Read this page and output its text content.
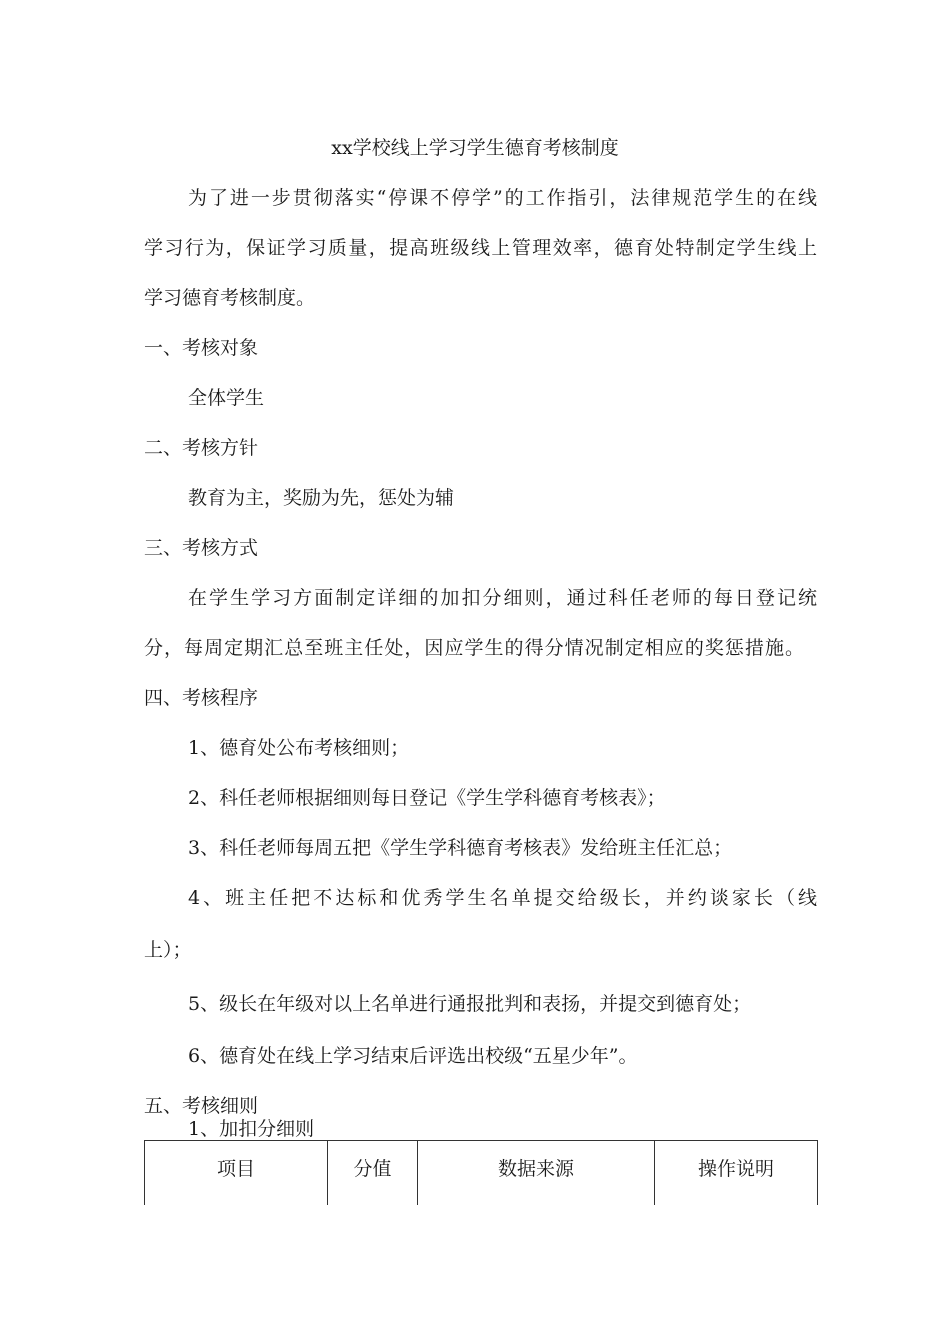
xx学校线上学习学生德育考核制度
为了进一步贯彻落实“停课不停学”的工作指引，法律规范学生的在线
学习行为，保证学习质量，提高班级线上管理效率，德育处特制定学生线上
学习德育考核制度。
一、考核对象
全体学生
二、考核方针
教育为主，奖励为先，惩处为辅
三、考核方式
在学生学习方面制定详细的加扣分细则，通过科任老师的每日登记统
分，每周定期汇总至班主任处，因应学生的得分情况制定相应的奖惩措施。
四、考核程序
1、德育处公布考核细则；
2、科任老师根据细则每日登记《学生学科德育考核表》；
3、科任老师每周五把《学生学科德育考核表》发给班主任汇总；
4、班主任把不达标和优秀学生名单提交给级长，并约谈家长（线
上）；
5、级长在年级对以上名单进行通报批判和表扬，并提交到德育处；
6、德育处在线上学习结束后评选出校级“五星少年”。
五、考核细则
1、加扣分细则
项目	分值	数据来源	操作说明
